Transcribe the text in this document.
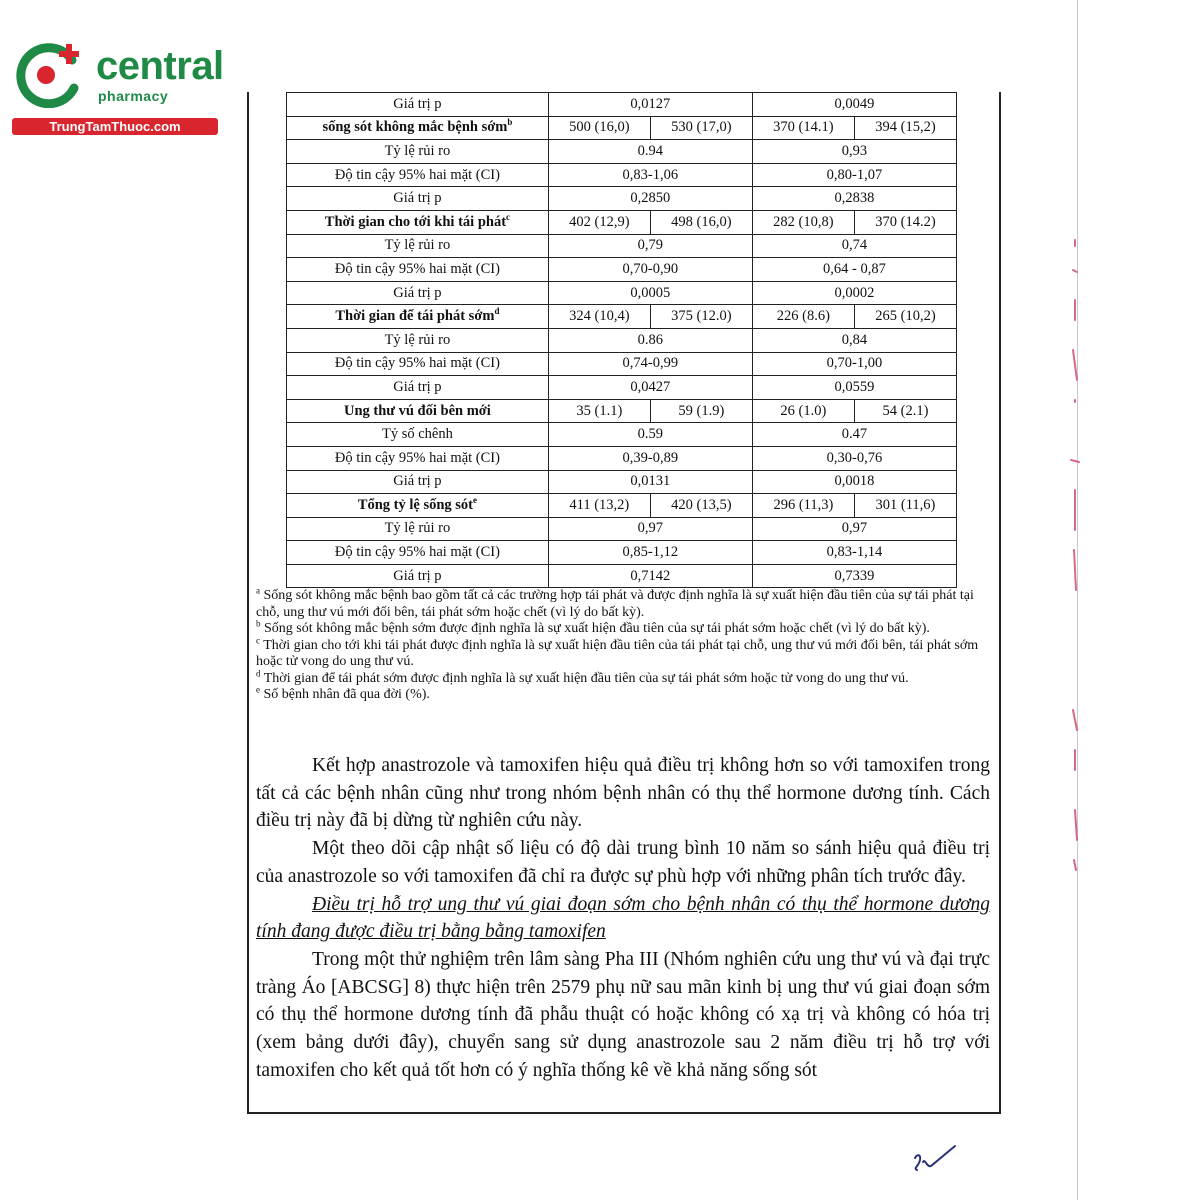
central
pharmacy
TrungTamThuoc.com
Giá trị p	0,0127		0,0049	
sống sót không mắc bệnh sớm$^b$	500 (16,0)	530 (17,0)	370 (14.1)	394 (15,2)
Tỷ lệ rủi ro	0.94		0,93	
Độ tin cậy 95% hai mặt (CI)	0,83-1,06		0,80-1,07	
Giá trị p	0,2850		0,2838	
Thời gian cho tới khi tái phát$^c$	402 (12,9)	498 (16,0)	282 (10,8)	370 (14.2)
Tỷ lệ rủi ro	0,79		0,74	
Độ tin cậy 95% hai mặt (CI)	0,70-0,90		0,64 - 0,87	
Giá trị p	0,0005		0,0002	
Thời gian để tái phát sớm$^d$	324 (10,4)	375 (12.0)	226 (8.6)	265 (10,2)
Tỷ lệ rủi ro	0.86		0,84	
Độ tin cậy 95% hai mặt (CI)	0,74-0,99		0,70-1,00	
Giá trị p	0,0427		0,0559	
Ung thư vú đối bên mới	35 (1.1)	59 (1.9)	26 (1.0)	54 (2.1)
Tỷ số chênh	0.59		0.47	
Độ tin cậy 95% hai mặt (CI)	0,39-0,89		0,30-0,76	
Giá trị p	0,0131		0,0018	
Tổng tỷ lệ sống sót$^e$	411 (13,2)	420 (13,5)	296 (11,3)	301 (11,6)
Tỷ lệ rủi ro	0,97		0,97	
Độ tin cậy 95% hai mặt (CI)	0,85-1,12		0,83-1,14	
Giá trị p	0,7142		0,7339	

$^a$ Sống sót không mắc bệnh bao gồm tất cả các trường hợp tái phát và được định nghĩa là sự xuất hiện đầu tiên của sự tái phát tại chỗ, ung thư vú mới đối bên, tái phát sớm hoặc chết (vì lý do bất kỳ).

$^b$ Sống sót không mắc bệnh sớm được định nghĩa là sự xuất hiện đầu tiên của sự tái phát sớm hoặc chết (vì lý do bất kỳ).

$^c$ Thời gian cho tới khi tái phát được định nghĩa là sự xuất hiện đầu tiên của tái phát tại chỗ, ung thư vú mới đối bên, tái phát sớm hoặc tử vong do ung thư vú.

$^d$ Thời gian để tái phát sớm được định nghĩa là sự xuất hiện đầu tiên của sự tái phát sớm hoặc tử vong do ung thư vú.

$^e$ Số bệnh nhân đã qua đời (%).

Kết hợp anastrozole và tamoxifen hiệu quả điều trị không hơn so với tamoxifen trong tất cả các bệnh nhân cũng như trong nhóm bệnh nhân có thụ thể hormone dương tính. Cách điều trị này đã bị dừng từ nghiên cứu này.

Một theo dõi cập nhật số liệu có độ dài trung bình 10 năm so sánh hiệu quả điều trị của anastrozole so với tamoxifen đã chỉ ra được sự phù hợp với những phân tích trước đây.

Điều trị hỗ trợ ung thư vú giai đoạn sớm cho bệnh nhân có thụ thể hormone dương tính đang được điều trị bằng bằng tamoxifen

Trong một thử nghiệm trên lâm sàng Pha III (Nhóm nghiên cứu ung thư vú và đại trực tràng Áo [ABCSG] 8) thực hiện trên 2579 phụ nữ sau mãn kinh bị ung thư vú giai đoạn sớm có thụ thể hormone dương tính đã phẫu thuật có hoặc không có xạ trị và không có hóa trị (xem bảng dưới đây), chuyển sang sử dụng anastrozole sau 2 năm điều trị hỗ trợ với tamoxifen cho kết quả tốt hơn có ý nghĩa thống kê về khả năng sống sót
